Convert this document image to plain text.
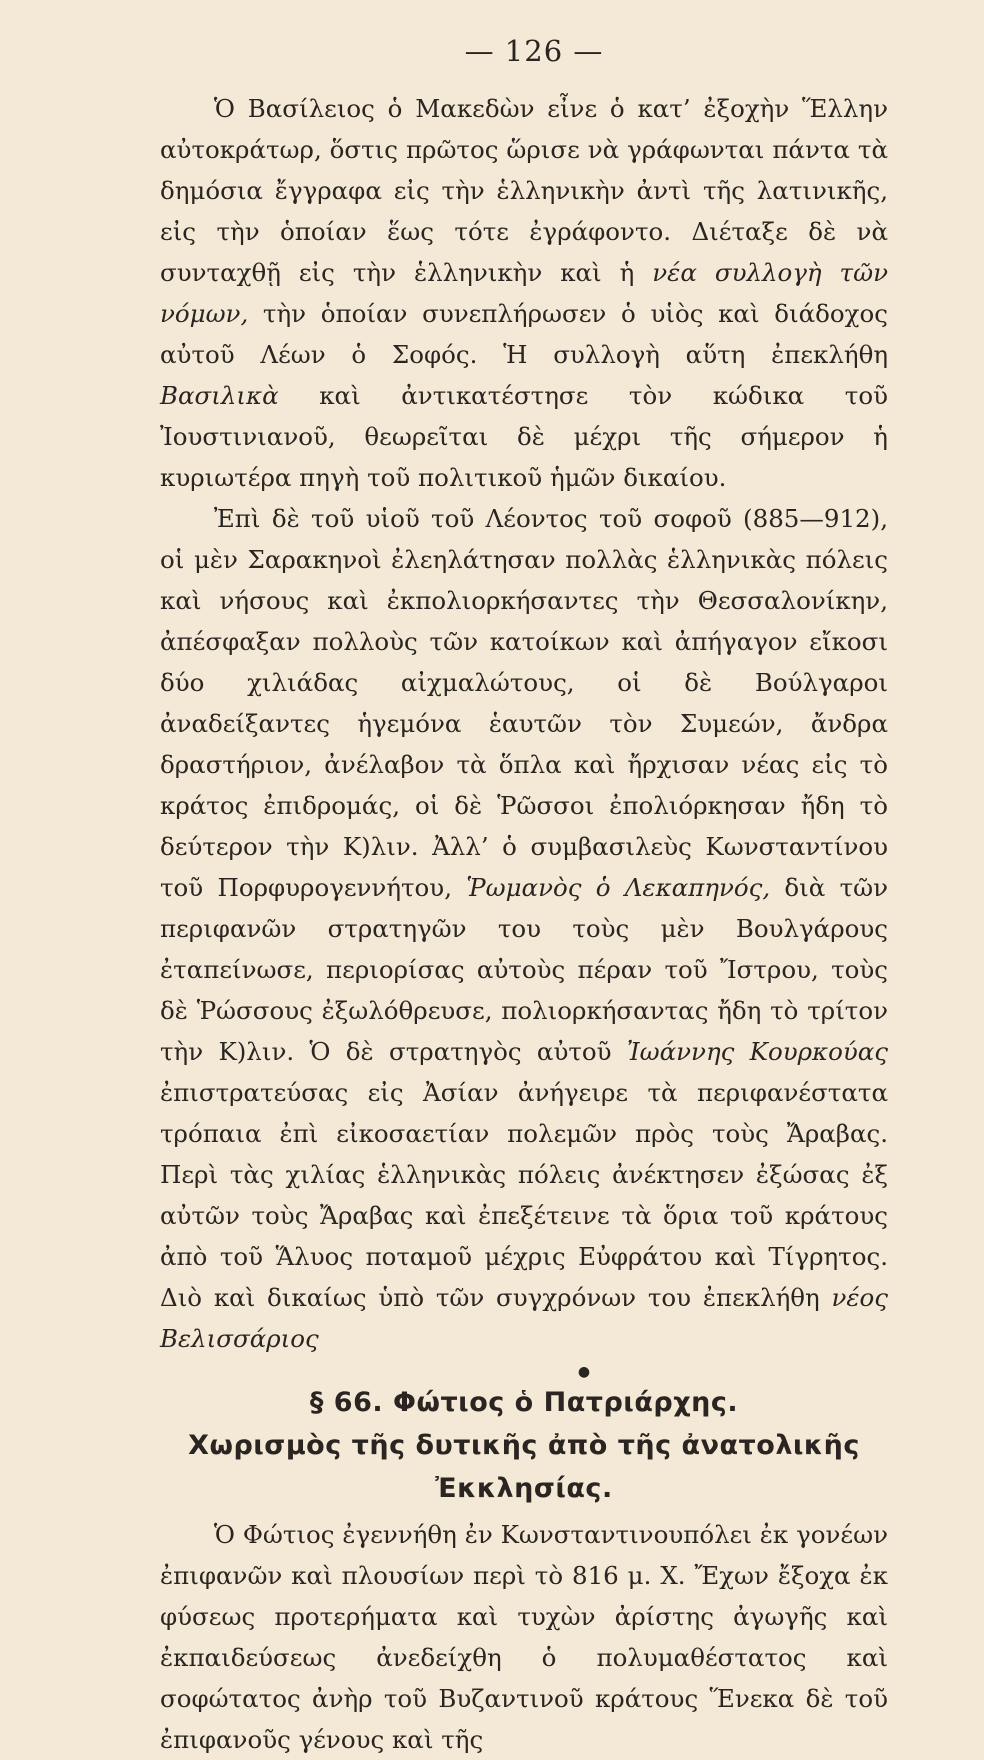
— 126 —

Ὁ Βασίλειος ὁ Μακεδὼν εἶνε ὁ κατ’ ἐξοχὴν Ἕλλην αὐτοκράτωρ, ὅστις πρῶτος ὥρισε νὰ γράφωνται πάντα τὰ δημόσια ἔγγραφα εἰς τὴν ἑλληνικὴν ἀντὶ τῆς λατινικῆς, εἰς τὴν ὁποίαν ἕως τότε ἐγράφοντο. Διέταξε δὲ νὰ συνταχθῇ εἰς τὴν ἑλληνικὴν καὶ ἡ νέα συλλογὴ τῶν νόμων, τὴν ὁποίαν συνεπλήρωσεν ὁ υἱὸς καὶ διάδοχος αὐτοῦ Λέων ὁ Σοφός. Ἡ συλλογὴ αὕτη ἐπεκλήθη Βασιλικὰ καὶ ἀντικατέστησε τὸν κώδικα τοῦ Ἰουστινιανοῦ, θεωρεῖται δὲ μέχρι τῆς σήμερον ἡ κυριωτέρα πηγὴ τοῦ πολιτικοῦ ἡμῶν δικαίου.

Ἐπὶ δὲ τοῦ υἱοῦ τοῦ Λέοντος τοῦ σοφοῦ (885—912), οἱ μὲν Σαρακηνοὶ ἐλεηλάτησαν πολλὰς ἑλληνικὰς πόλεις καὶ νήσους καὶ ἐκπολιορκήσαντες τὴν Θεσσαλονίκην, ἀπέσφαξαν πολλοὺς τῶν κατοίκων καὶ ἀπήγαγον εἴκοσι δύο χιλιάδας αἰχμαλώτους, οἱ δὲ Βούλγαροι ἀναδείξαντες ἡγεμόνα ἑαυτῶν τὸν Συμεών, ἄνδρα δραστήριον, ἀνέλαβον τὰ ὅπλα καὶ ἤρχισαν νέας εἰς τὸ κράτος ἐπιδρομάς, οἱ δὲ Ῥῶσσοι ἐπολιόρκησαν ἤδη τὸ δεύτερον τὴν Κ)λιν. Ἀλλ’ ὁ συμβασιλεὺς Κωνσταντίνου τοῦ Πορφυρογεννήτου, Ῥωμανὸς ὁ Λεκαπηνός, διὰ τῶν περιφανῶν στρατηγῶν του τοὺς μὲν Βουλγάρους ἐταπείνωσε, περιορίσας αὐτοὺς πέραν τοῦ Ἴστρου, τοὺς δὲ Ῥώσσους ἐξωλόθρευσε, πολιορκήσαντας ἤδη τὸ τρίτον τὴν Κ)λιν. Ὁ δὲ στρατηγὸς αὐτοῦ Ἰωάννης Κουρκούας ἐπιστρατεύσας εἰς Ἀσίαν ἀνήγειρε τὰ περιφανέστατα τρόπαια ἐπὶ εἰκοσαετίαν πολεμῶν πρὸς τοὺς Ἄραβας. Περὶ τὰς χιλίας ἑλληνικὰς πόλεις ἀνέκτησεν ἐξώσας ἐξ αὐτῶν τοὺς Ἄραβας καὶ ἐπεξέτεινε τὰ ὅρια τοῦ κράτους ἀπὸ τοῦ Ἅλυος ποταμοῦ μέχρις Εὐφράτου καὶ Τίγρητος. Διὸ καὶ δικαίως ὑπὸ τῶν συγχρόνων του ἐπεκλήθη νέος Βελισσάριος

●
§ 66. Φώτιος ὁ Πατριάρχης.
Χωρισμὸς τῆς δυτικῆς ἀπὸ τῆς ἀνατολικῆς
Ἐκκλησίας.

Ὁ Φώτιος ἐγεννήθη ἐν Κωνσταντινουπόλει ἐκ γονέων ἐπιφανῶν καὶ πλουσίων περὶ τὸ 816 μ. Χ. Ἔχων ἔξοχα ἐκ φύσεως προτερήματα καὶ τυχὼν ἀρίστης ἀγωγῆς καὶ ἐκπαιδεύσεως ἀνεδείχθη ὁ πολυμαθέστατος καὶ σοφώτατος ἀνὴρ τοῦ Βυζαντινοῦ κράτους Ἕνεκα δὲ τοῦ ἐπιφανοῦς γένους καὶ τῆς
